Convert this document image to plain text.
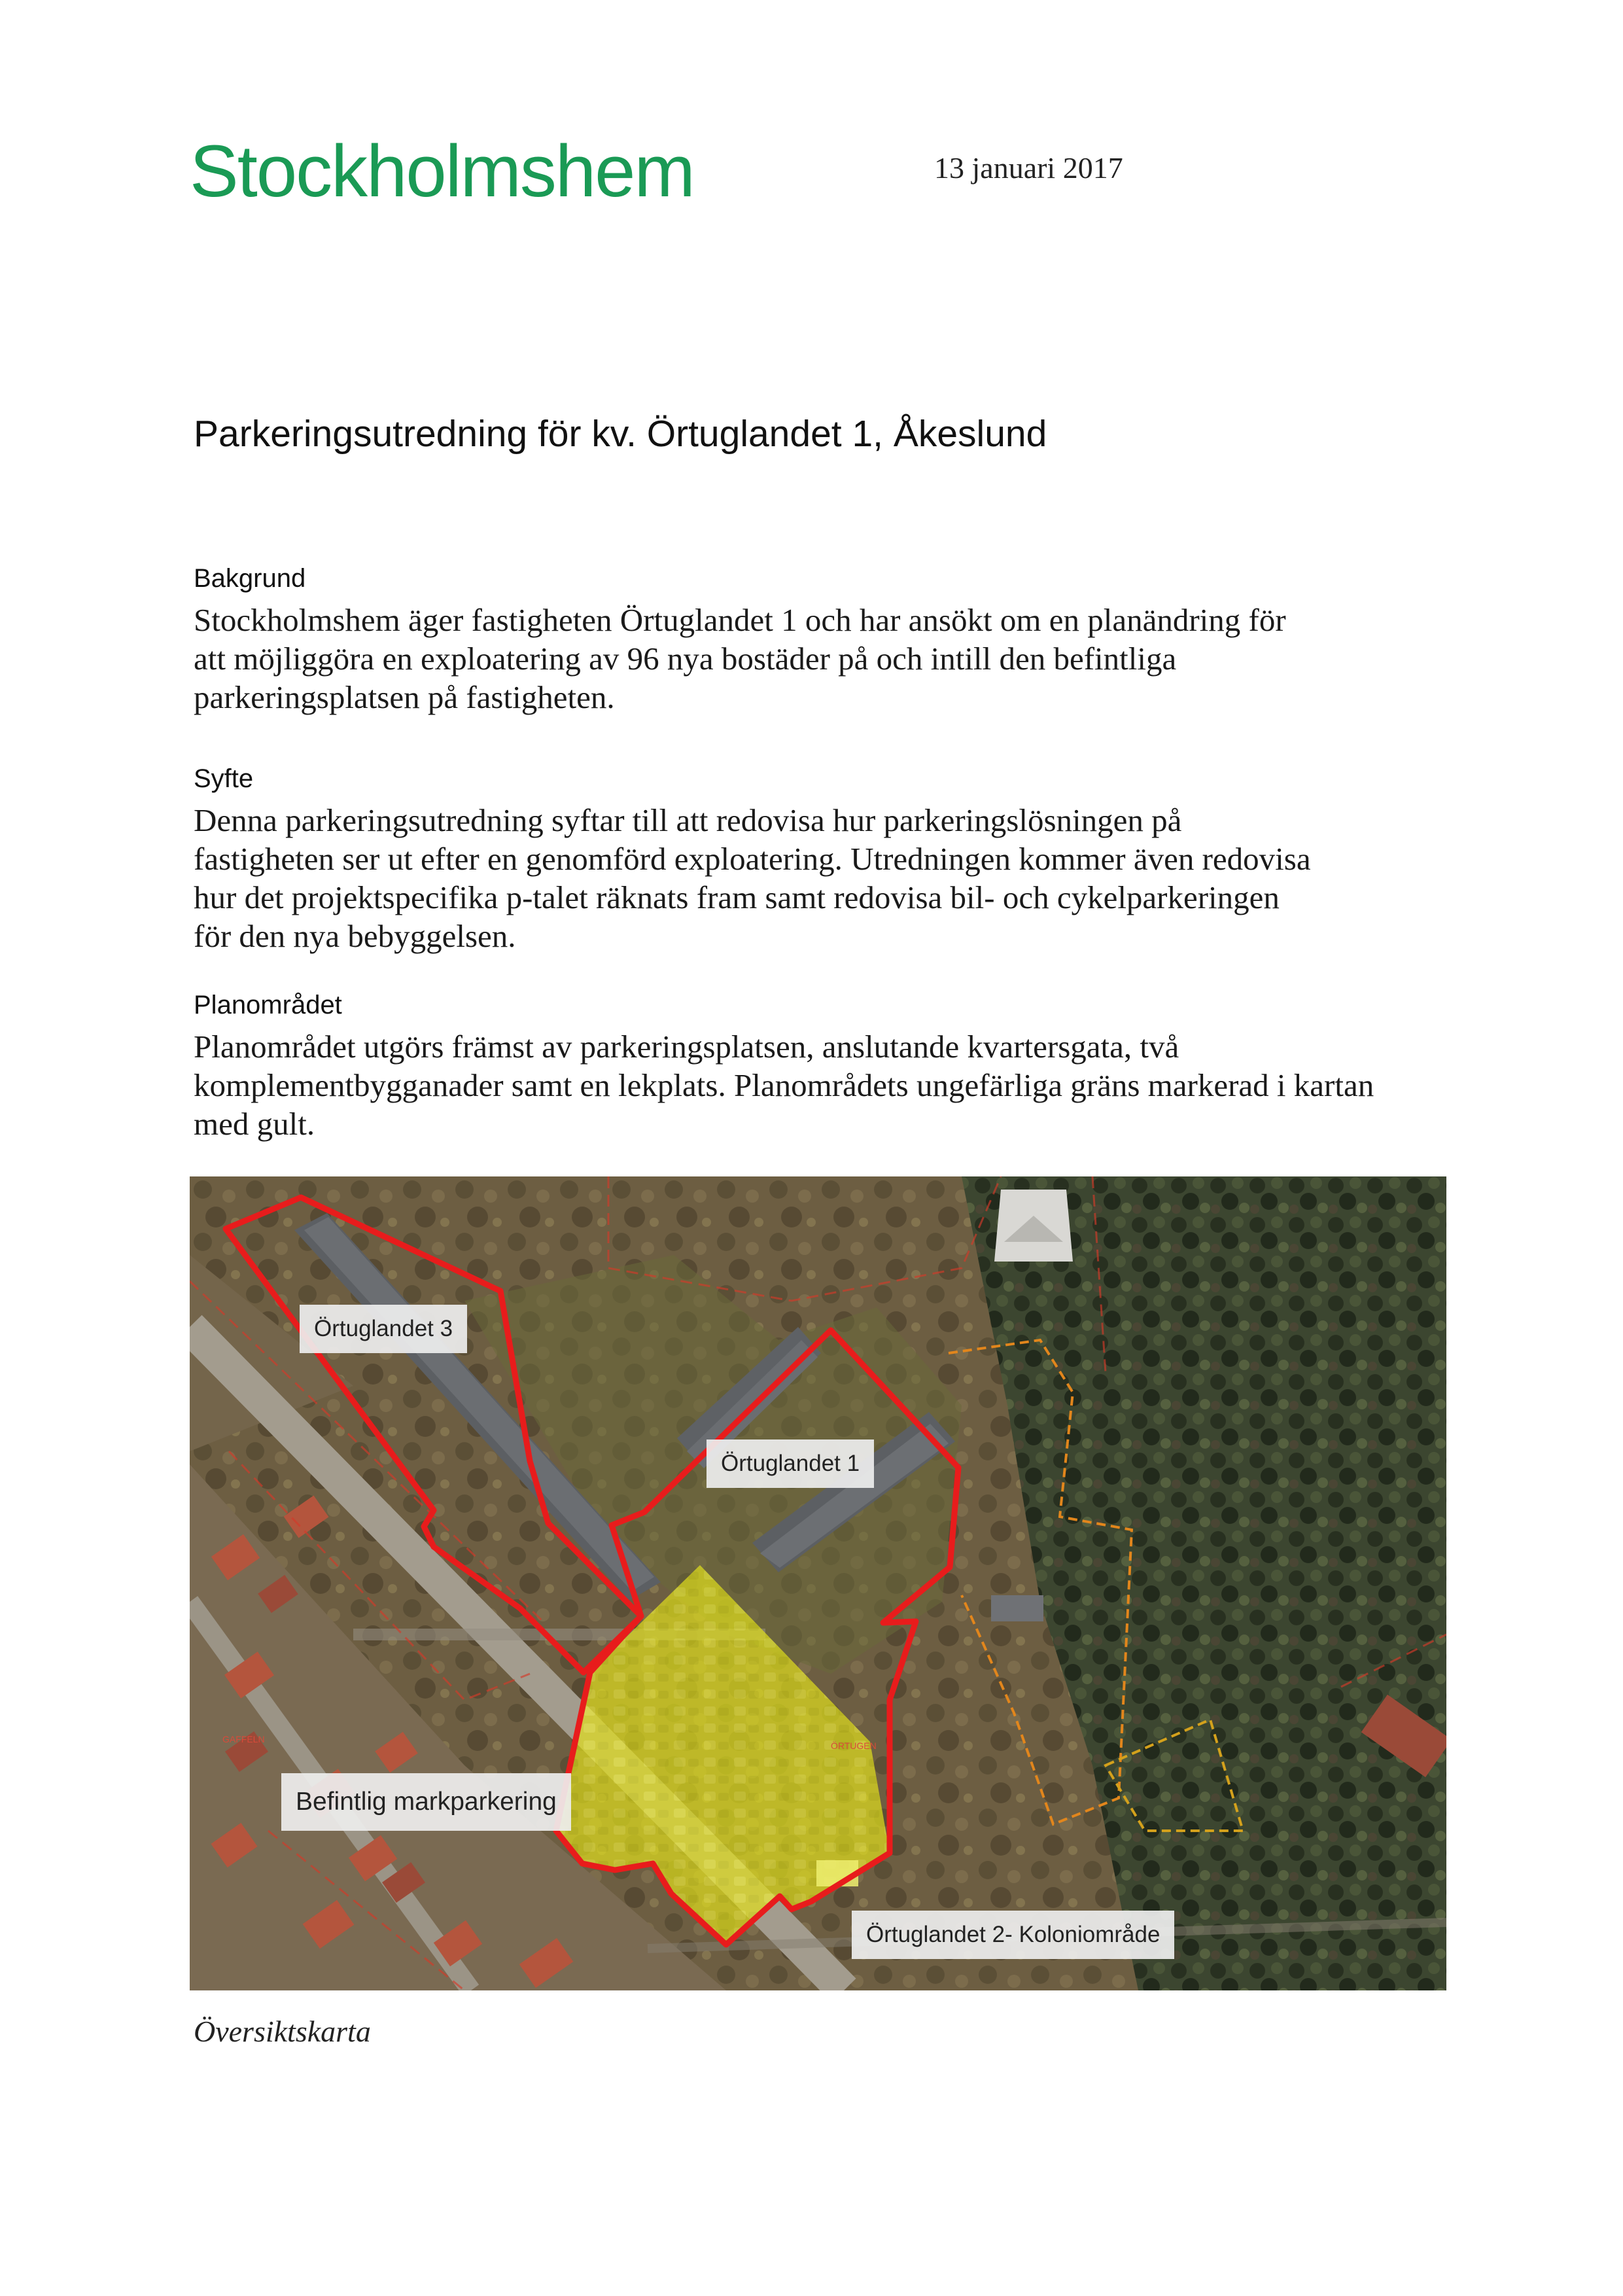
Stockholmshem	13 januari 2017
Parkeringsutredning för kv. Örtuglandet 1, Åkeslund
Bakgrund

Stockholmshem äger fastigheten Örtuglandet 1 och har ansökt om en planändring för
att möjliggöra en exploatering av 96 nya bostäder på och intill den befintliga
parkeringsplatsen på fastigheten.

Syfte

Denna parkeringsutredning syftar till att redovisa hur parkeringslösningen på
fastigheten ser ut efter en genomförd exploatering. Utredningen kommer även redovisa
hur det projektspecifika p-talet räknats fram samt redovisa bil- och cykelparkeringen
för den nya bebyggelsen.

Planområdet

Planområdet utgörs främst av parkeringsplatsen, anslutande kvartersgata, två
komplementbygganader samt en lekplats. Planområdets ungefärliga gräns markerad i kartan
med gult.

GAFFELN
ÖRTUGEN
Örtuglandet 3
Örtuglandet 1
Befintlig markparkering
Örtuglandet 2- Koloniområde
Översiktskarta
